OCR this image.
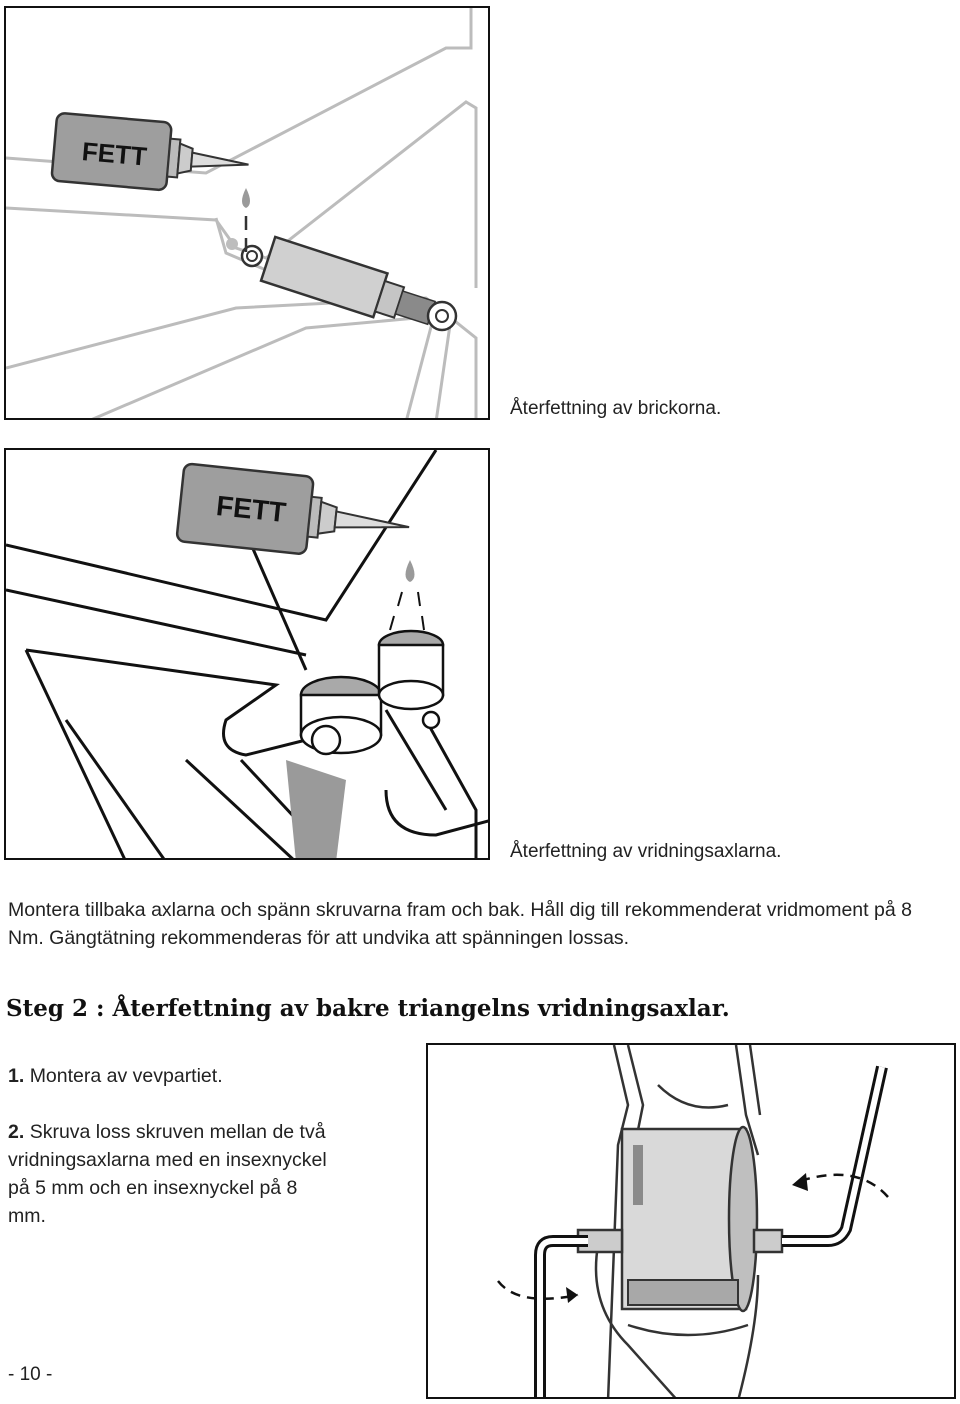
FETT
Återfettning av brickorna.
FETT
Återfettning av vridningsaxlarna.
Montera tillbaka axlarna och spänn skruvarna fram och bak. Håll dig till rekommenderat vridmoment på 8 Nm. Gängtätning rekommenderas för att undvika att spänningen lossas.
Steg 2 : Återfettning av bakre triangelns vridningsaxlar.
1. Montera av vevpartiet.
2. Skruva loss skruven mellan de två vridningsaxlarna med en insexnyckel på 5 mm och en insexnyckel på 8 mm.
- 10 -
